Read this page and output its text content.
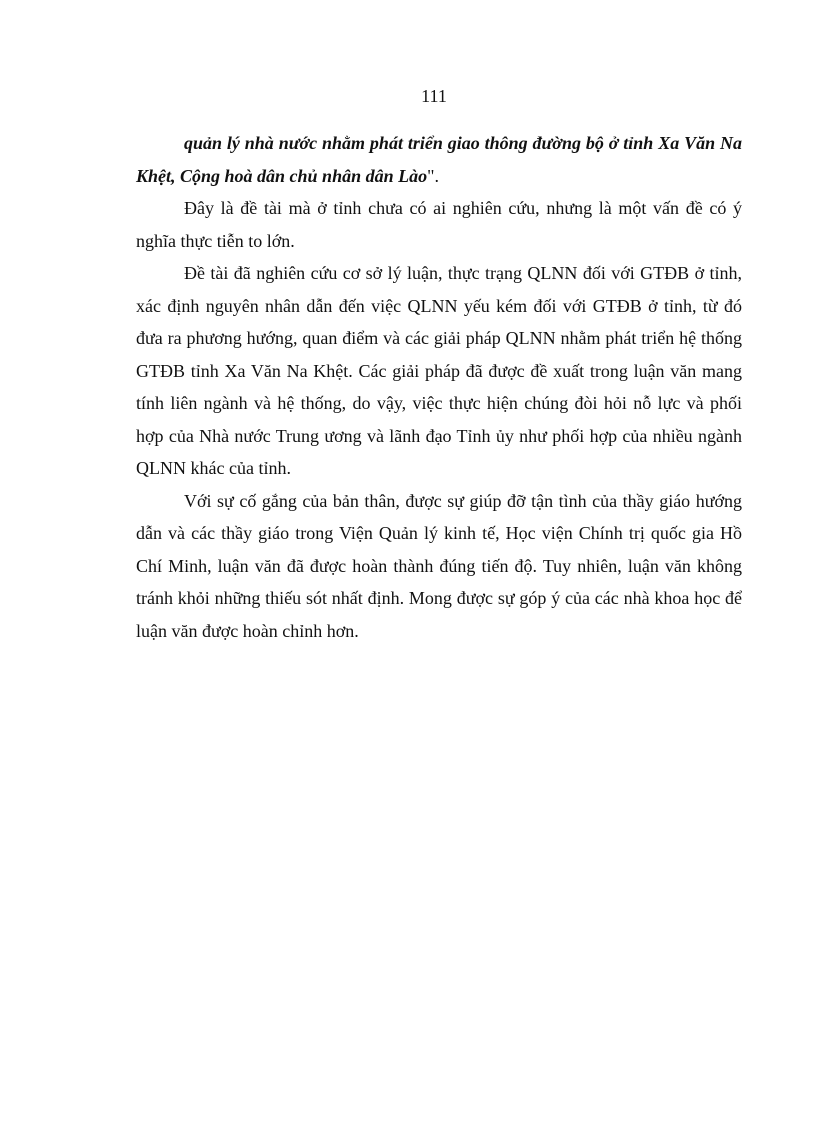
111

quản lý nhà nước nhằm phát triển giao thông đường bộ ở tỉnh Xa Văn Na Khệt, Cộng hoà dân chủ nhân dân Lào".

Đây là đề tài mà ở tỉnh chưa có ai nghiên cứu, nhưng là một vấn đề có ý nghĩa thực tiễn to lớn.

Đề tài đã nghiên cứu cơ sở lý luận, thực trạng QLNN đối với GTĐB ở tỉnh, xác định nguyên nhân dẫn đến việc QLNN yếu kém đối với GTĐB ở tỉnh, từ đó đưa ra phương hướng, quan điểm và các giải pháp QLNN nhằm phát triển hệ thống GTĐB tỉnh Xa Văn Na Khệt. Các giải pháp đã được đề xuất trong luận văn mang tính liên ngành và hệ thống, do vậy, việc thực hiện chúng đòi hỏi nỗ lực và phối hợp của Nhà nước Trung ương và lãnh đạo Tỉnh ủy như phối hợp của nhiều ngành QLNN khác của tỉnh.

Với sự cố gắng của bản thân, được sự giúp đỡ tận tình của thầy giáo hướng dẫn và các thầy giáo trong Viện Quản lý kinh tế, Học viện Chính trị quốc gia Hồ Chí Minh, luận văn đã được hoàn thành đúng tiến độ. Tuy nhiên, luận văn không tránh khỏi những thiếu sót nhất định. Mong được sự góp ý của các nhà khoa học để luận văn được hoàn chỉnh hơn.
